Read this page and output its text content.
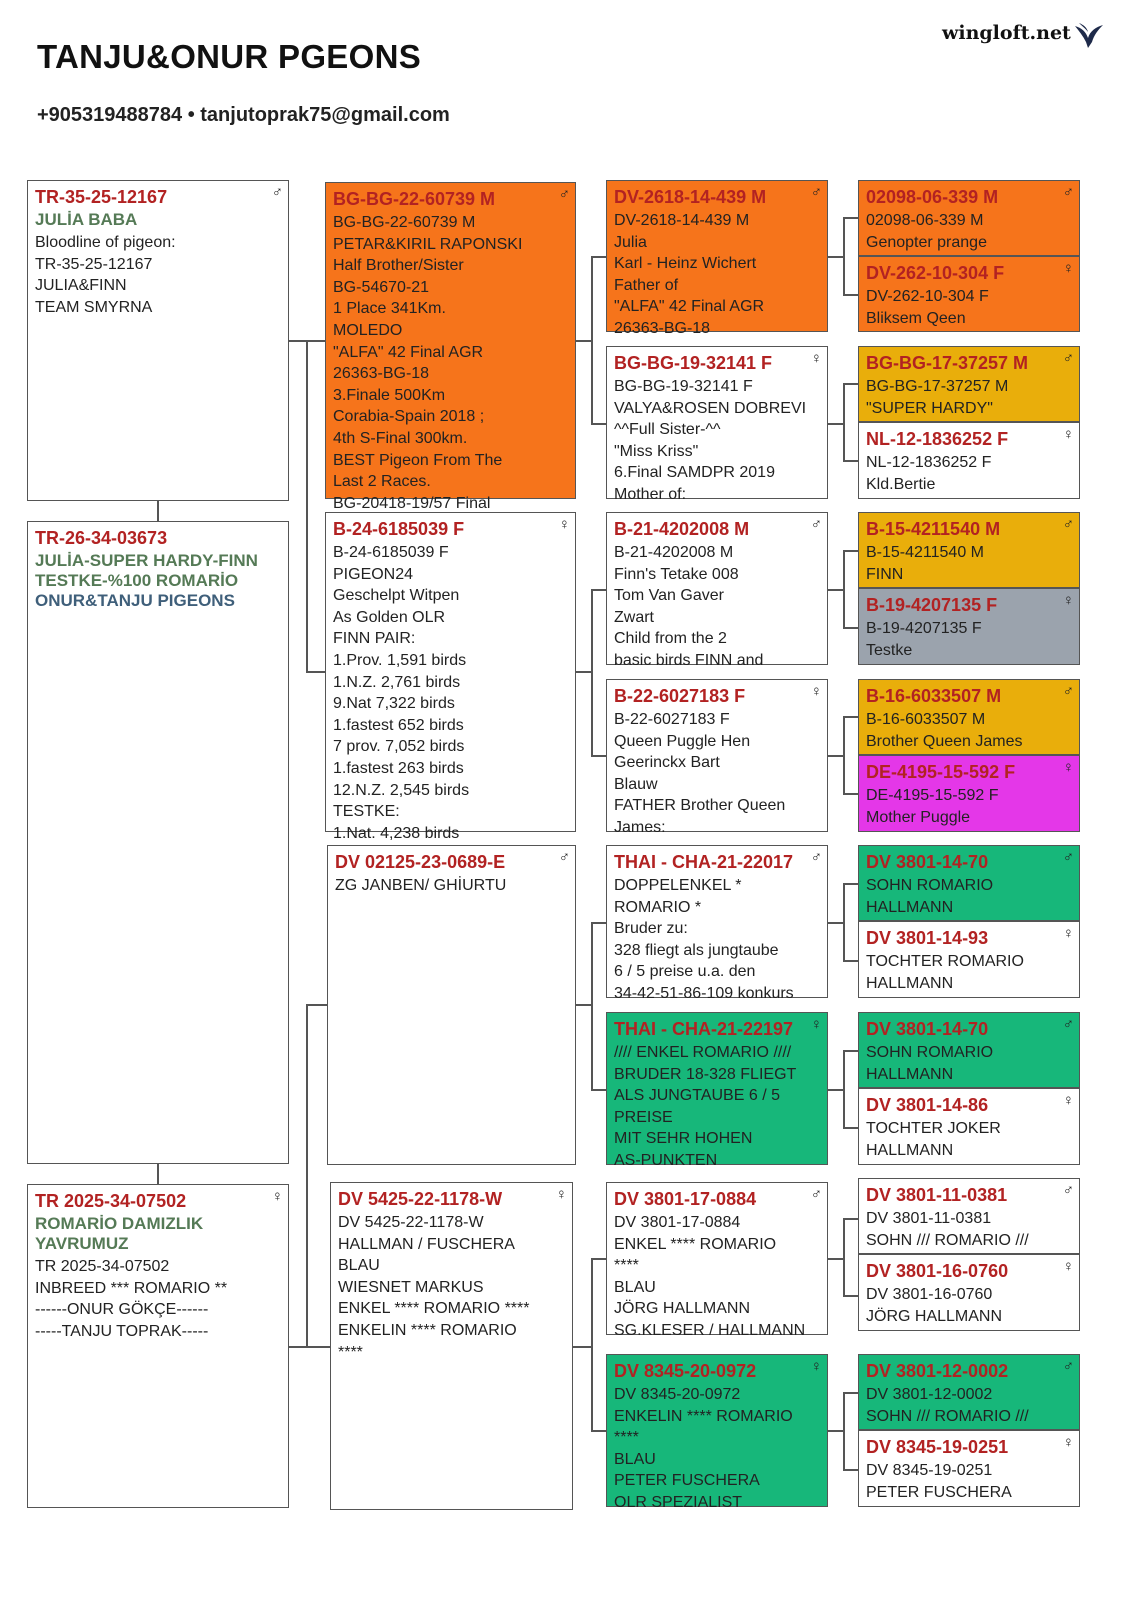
TANJU&ONUR PGEONS
+905319488784 • tanjutoprak75@gmail.com
wingloft.net
TR-35-25-12167	♂
JULİA BABA
Bloodline of pigeon:
TR-35-25-12167
JULIA&FINN
TEAM SMYRNA
TR-26-34-03673
JULİA-SUPER HARDY-FINN
TESTKE-%100 ROMARİO
ONUR&TANJU PIGEONS
TR 2025-34-07502	♀
ROMARİO DAMIZLIK
YAVRUMUZ
TR 2025-34-07502
INBREED *** ROMARIO **
------ONUR GÖKÇE------
-----TANJU TOPRAK-----
BG-BG-22-60739 M	♂
BG-BG-22-60739 M
PETAR&KIRIL RAPONSKI
Half Brother/Sister
BG-54670-21
1 Place 341Km.
MOLEDO
"ALFA" 42 Final AGR
26363-BG-18
3.Finale 500Km
Corabia-Spain 2018 ;
4th S-Final 300km.
BEST Pigeon From The
Last 2 Races.
BG-20418-19/57 Final
B-24-6185039 F	♀
B-24-6185039 F
PIGEON24
Geschelpt Witpen
As Golden OLR
FINN PAIR:
1.Prov. 1,591 birds
1.N.Z. 2,761 birds
9.Nat 7,322 birds
1.fastest 652 birds
7 prov. 7,052 birds
1.fastest 263 birds
12.N.Z. 2,545 birds
TESTKE:
1.Nat. 4,238 birds
DV 02125-23-0689-E	♂
ZG JANBEN/ GHİURTU
DV 5425-22-1178-W	♀
DV 5425-22-1178-W
HALLMAN / FUSCHERA
BLAU
WIESNET MARKUS
ENKEL **** ROMARIO ****
ENKELIN **** ROMARIO
****
DV-2618-14-439 M	♂
DV-2618-14-439 M
Julia
Karl - Heinz Wichert
Father of
"ALFA" 42 Final AGR
26363-BG-18
BG-BG-19-32141 F	♀
BG-BG-19-32141 F
VALYA&ROSEN DOBREVI
^^Full Sister-^^
"Miss Kriss"
6.Final SAMDPR 2019
Mother of:
B-21-4202008 M	♂
B-21-4202008 M
Finn's Tetake 008
Tom Van Gaver
Zwart
Child from the 2
basic birds FINN and
B-22-6027183 F	♀
B-22-6027183 F
Queen Puggle Hen
Geerinckx Bart
Blauw
FATHER Brother Queen
James:
THAI - CHA-21-22017	♂
DOPPELENKEL *
ROMARIO *
Bruder zu:
328 fliegt als jungtaube
6 / 5 preise u.a. den
34-42-51-86-109 konkurs
THAI - CHA-21-22197	♀
//// ENKEL ROMARIO ////
BRUDER 18-328 FLIEGT
ALS JUNGTAUBE 6 / 5
PREISE
MIT SEHR HOHEN
AS-PUNKTEN
DV 3801-17-0884	♂
DV 3801-17-0884
ENKEL **** ROMARIO
****
BLAU
JÖRG HALLMANN
SG.KLESER / HALLMANN
DV 8345-20-0972	♀
DV 8345-20-0972
ENKELIN **** ROMARIO
****
BLAU
PETER FUSCHERA
OLR SPEZIALIST
02098-06-339 M	♂
02098-06-339 M
Genopter prange
DV-262-10-304 F	♀
DV-262-10-304 F
Bliksem Qeen
BG-BG-17-37257 M	♂
BG-BG-17-37257 M
"SUPER HARDY"
NL-12-1836252 F	♀
NL-12-1836252 F
Kld.Bertie
B-15-4211540 M	♂
B-15-4211540 M
FINN
B-19-4207135 F	♀
B-19-4207135 F
Testke
B-16-6033507 M	♂
B-16-6033507 M
Brother Queen James
DE-4195-15-592 F	♀
DE-4195-15-592 F
Mother Puggle
DV 3801-14-70	♂
SOHN ROMARIO
HALLMANN
DV 3801-14-93	♀
TOCHTER ROMARIO
HALLMANN
DV 3801-14-70	♂
SOHN ROMARIO
HALLMANN
DV 3801-14-86	♀
TOCHTER JOKER
HALLMANN
DV 3801-11-0381	♂
DV 3801-11-0381
SOHN /// ROMARIO ///
DV 3801-16-0760	♀
DV 3801-16-0760
JÖRG HALLMANN
DV 3801-12-0002	♂
DV 3801-12-0002
SOHN /// ROMARIO ///
DV 8345-19-0251	♀
DV 8345-19-0251
PETER FUSCHERA
